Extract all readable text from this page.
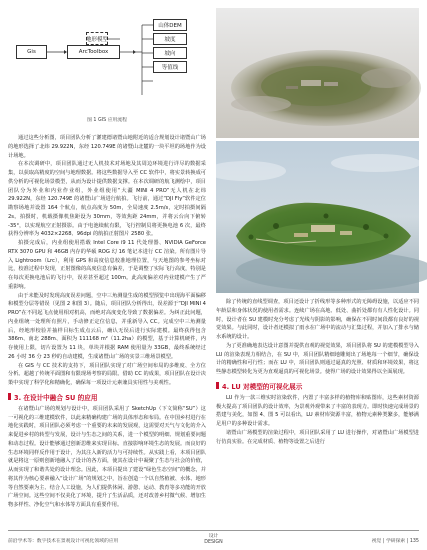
Gis	ArcToolbox
地形模型
山体DEM
坡度
坡向
等值线
图 1 GIS 应用流程

通过这些分析图，项目团队分析了灌建德诸暨山地附近的适合规划设计诸暨山广场的地形选择了北纬 29.922N，东经 120.749E 的诸暨山北麓的一块平坦的场地作为设计场地。

在本次调研中，项目团队通过无人机技术对场地及其周边环境进行详尽的数据采集，以获取高精度的空间与地理数据。将这些数据导入至 CC 软件中，将实景转换成可供分析的可视化场景模型，从而为设计提供数据支撑。在本次调研的航飞测绘中，项目团队分为外业和内业作业组，外业组使用“大疆 MINI 4 PRO”无人机在北纬 29.922N，东经 120.749E 的诸暨山广场进行航拍。飞行前，通过“DJI Fly”软件定位勘察场地并设置 164 个航点，航点高度为 50m，全局速度 2.5m/s，定时拍摄间隔 2s。拍摄时，机载摄像机焦距设为 30mm，等效焦距 24mm，并将云台向下俯转 -35°，以实现航空正射摄影。由于电池续航有限，飞行控制员将更换电池 6 次，最终获得分辨率为 4032×2268、96dpi 的航拍正射图片 2580 张。

拍摄完成后，内业组使用搭载 Intel Core i9 11 代处理器、NVIDIA GeForce RTX 3070 GPU 和 46GB 内存的华硕 ROG 幻 16 笔记本进行 CC 渲染。所有图片导入 Lightroom（Lrc），利用 GPS 和高度信息校准地理位置，与天地图的参考坐标对比，校准过程中发现，正射图像的高度信息有偏差，于是调整了实际飞行高度，特别是在每次更换电池后的飞行中，误差甚至超过 100m。此高度偏差对内业建模产生了严重影响。

由于未能及时发现高度误差问题，空中三角测量生成的模型预览中出现海平面偏移和模型分层等错误（见图 2 和图 3）。随后，项目团队分析得出，误差源于“DJI MINI 4 PRO”在不同起飞点使用相对机高，而绝对高度变化导致了数据偏差。为纠正此问题，内业组统一处理所有照片，手动修正定位信息，并重新导入 CC。完成空中三角测量后，经地形校验并抽样目标生成点云后，确认无误后进行实际建模。最终获得包含 386m、南北 288m、面积为 111168 m²（11.2ha）的模型，基于计算机硬件，内存使用上限，切片设置为 11 块，单块并根据 RAM 使用量为 33GB，最终系统经过 26 小时 36 分 23 秒的自动建模，生成诸暨山广场的实景三维场景模型。

在 GIS 与 CC 技术的支持下，项目团队实现了对广场空间布局的多维度、全方位分析。超越了传统平面图和有限现场考察的局限。借助 CC 的成果，项目团队在设计决策中实现了科学化和精确化，确保每一项设计元素兼具实用性与美观性。

3. 在设计中融合 SU 的应用

在诸暨山广场的规划与设计中，项目团队采用了 SketchUp（下文简称“SU”）这一可视化的三维建模软件，以此来精确构建广场的具体形态和布局。在中国乡村进行在地化实践时，项目团队必须考虑一个重要的未来的发展观，这需要对天气与文化的介入来促进乡村的转型与发展，设计与生态之间的关系，进一个模型的明细、规划重要问题和动态过程。设计能够通过创新思维来实现目标。直接影响环境生态的发展。而良好的生态环境同样反作用于设计，为其注入新的活力与可持续性。从实践上看，本项目团队就是将这一原则创新地融入了设计的各方面，使其在设计中凝聚了生态与社会的价值，从而实现了和谐共处的设计理念。因此，本项目提出了建设“绿色生态空间”的概念，并将其作为核心要素融入“设计广场”的规划之中，旨在创造一个以自然植被、水体、地形等自然要素为主、结合人工设施，为人们提供休闲、游憩、运动、教育等多功能的开放广场空间。这些空间不仅美化了环境，提升了生活品质，还对改善乡村微气候、增加生物多样性、净化空气和水体等方面具有重要作用。

除了传统的直线型调查，项目还设计了折线形等多种形式的无障碍设施，以适应不同年龄层和身体状况的使用者需求。连续广场在高地、低处、曲折处都有有人性化设计。同时，设计者在 SU 建模时充分考虑了光线与阴影的影响，确保在不同时间段都有良好的视觉效果。与此同时，设计者还模拟了雨水在广场中的流动与汇集过程，并加入了排水与储水系统的设计。

为了更准确地表达设计意图并提供直观的视觉效果，项目团队将 SU 的建模模型导入 LU 的渲染表现力相结合，在 SU 中，项目团队精细地雕刻出了场地每一个细节，确保设计的精确性和可行性；而在 LU 中，项目团队则通过逼真的光照、材质和环境效果，将这些静态模型转化为更为直观逼真的可视化场景。使得广场的设计效果得以全面展现。

4. LU 对模型的可视化展示

LU 作为一款三维实时渲染软件，内置了丰富多样的植物库和贴图库，这些素材资源极大提高了项目团队的设计效率，为景观外观带来了丰富的表现力。即时快速完成场景的搭建与美化，如图 4、图 5 可以看出，LU 素材库资源丰富，植物元素种类繁多，能够满足用户的多种设计需求。

诸暨山广场模型的渲染过程中，项目团队采用了 LU 进行操作，对诸暨山广场模型进行仿真实验。在完成材质、植物等设置之后进行

前沿学术等：数字技术在景观设计可视化领域的应用
设计
DESIGN	视觉 | 学研探索 | 135
